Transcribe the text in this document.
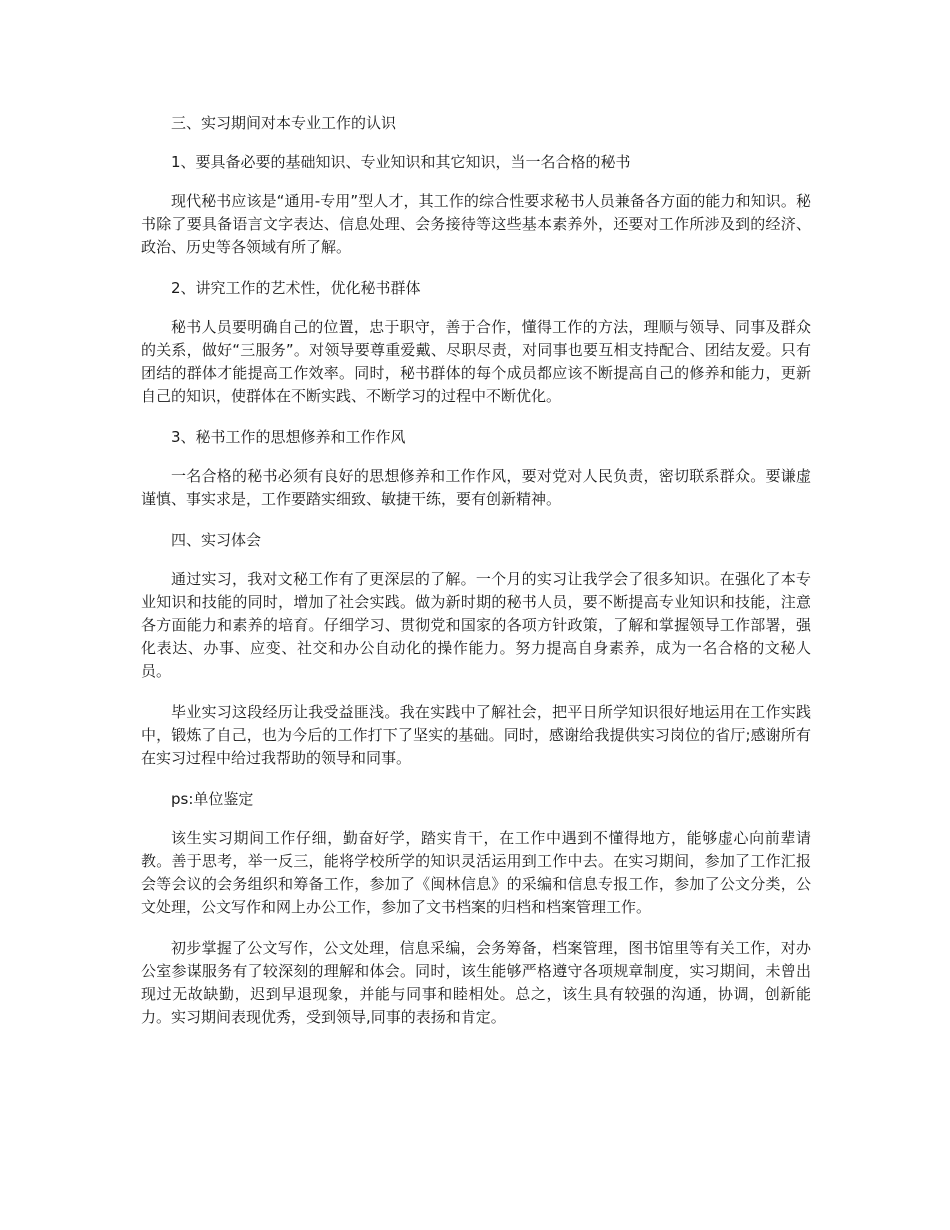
三、实习期间对本专业工作的认识

1、要具备必要的基础知识、专业知识和其它知识，当一名合格的秘书

现代秘书应该是“通用-专用”型人才，其工作的综合性要求秘书人员兼备各方面的能力和知识。秘书除了要具备语言文字表达、信息处理、会务接待等这些基本素养外，还要对工作所涉及到的经济、政治、历史等各领域有所了解。

2、讲究工作的艺术性，优化秘书群体

秘书人员要明确自己的位置，忠于职守，善于合作，懂得工作的方法，理顺与领导、同事及群众的关系，做好“三服务”。对领导要尊重爱戴、尽职尽责，对同事也要互相支持配合、团结友爱。只有团结的群体才能提高工作效率。同时，秘书群体的每个成员都应该不断提高自己的修养和能力，更新自己的知识，使群体在不断实践、不断学习的过程中不断优化。

3、秘书工作的思想修养和工作作风

一名合格的秘书必须有良好的思想修养和工作作风，要对党对人民负责，密切联系群众。要谦虚谨慎、事实求是，工作要踏实细致、敏捷干练，要有创新精神。

四、实习体会

通过实习，我对文秘工作有了更深层的了解。一个月的实习让我学会了很多知识。在强化了本专业知识和技能的同时，增加了社会实践。做为新时期的秘书人员，要不断提高专业知识和技能，注意各方面能力和素养的培育。仔细学习、贯彻党和国家的各项方针政策，了解和掌握领导工作部署，强化表达、办事、应变、社交和办公自动化的操作能力。努力提高自身素养，成为一名合格的文秘人员。

毕业实习这段经历让我受益匪浅。我在实践中了解社会，把平日所学知识很好地运用在工作实践中，锻炼了自己，也为今后的工作打下了坚实的基础。同时，感谢给我提供实习岗位的省厅;感谢所有在实习过程中给过我帮助的领导和同事。

ps:单位鉴定

该生实习期间工作仔细，勤奋好学，踏实肯干，在工作中遇到不懂得地方，能够虚心向前辈请教。善于思考，举一反三，能将学校所学的知识灵活运用到工作中去。在实习期间，参加了工作汇报会等会议的会务组织和筹备工作，参加了《闽林信息》的采编和信息专报工作，参加了公文分类，公文处理，公文写作和网上办公工作，参加了文书档案的归档和档案管理工作。

初步掌握了公文写作，公文处理，信息采编，会务筹备，档案管理，图书馆里等有关工作，对办公室参谋服务有了较深刻的理解和体会。同时，该生能够严格遵守各项规章制度，实习期间，未曾出现过无故缺勤，迟到早退现象，并能与同事和睦相处。总之，该生具有较强的沟通，协调，创新能力。实习期间表现优秀，受到领导,同事的表扬和肯定。
